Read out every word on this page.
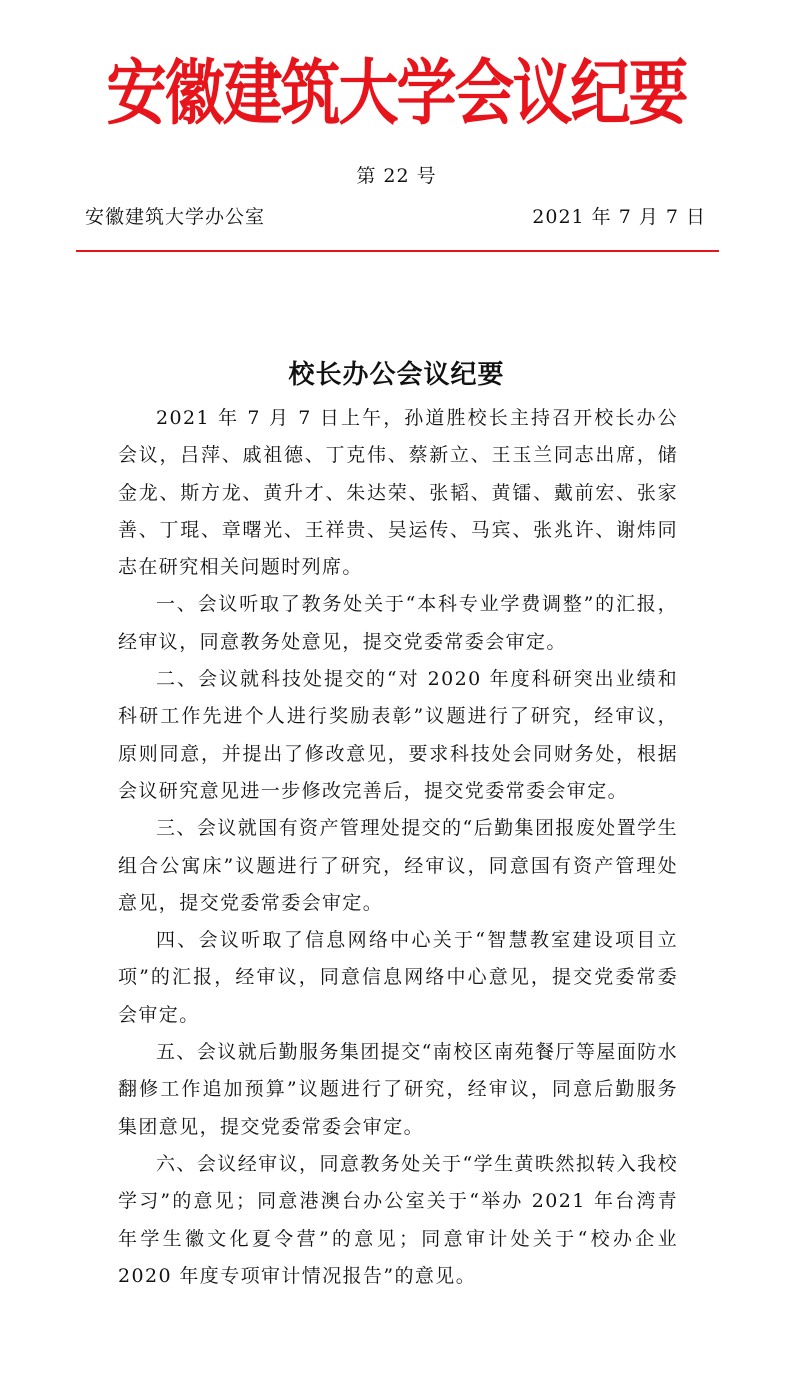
安徽建筑大学会议纪要
第 22 号
安徽建筑大学办公室	2021 年 7 月 7 日
校长办公会议纪要

2021 年 7 月 7 日上午，孙道胜校长主持召开校长办公会议，吕萍、戚祖德、丁克伟、蔡新立、王玉兰同志出席，储金龙、斯方龙、黄升才、朱达荣、张韬、黄镭、戴前宏、张家善、丁琨、章曙光、王祥贵、吴运传、马宾、张兆许、谢炜同志在研究相关问题时列席。

一、会议听取了教务处关于“本科专业学费调整”的汇报，经审议，同意教务处意见，提交党委常委会审定。

二、会议就科技处提交的“对 2020 年度科研突出业绩和科研工作先进个人进行奖励表彰”议题进行了研究，经审议，原则同意，并提出了修改意见，要求科技处会同财务处，根据会议研究意见进一步修改完善后，提交党委常委会审定。

三、会议就国有资产管理处提交的“后勤集团报废处置学生组合公寓床”议题进行了研究，经审议，同意国有资产管理处意见，提交党委常委会审定。

四、会议听取了信息网络中心关于“智慧教室建设项目立项”的汇报，经审议，同意信息网络中心意见，提交党委常委会审定。

五、会议就后勤服务集团提交“南校区南苑餐厅等屋面防水翻修工作追加预算”议题进行了研究，经审议，同意后勤服务集团意见，提交党委常委会审定。

六、会议经审议，同意教务处关于“学生黄昳然拟转入我校学习”的意见；同意港澳台办公室关于“举办 2021 年台湾青年学生徽文化夏令营”的意见；同意审计处关于“校办企业 2020 年度专项审计情况报告”的意见。
